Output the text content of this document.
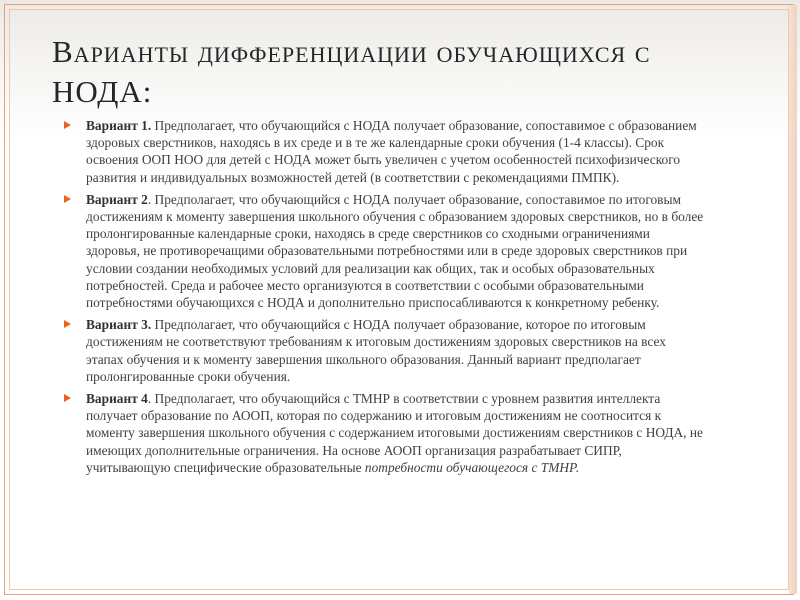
Варианты дифференциации обучающихся с НОДА:
Вариант 1. Предполагает, что обучающийся с НОДА получает образование, сопоставимое с образованием здоровых сверстников, находясь в их среде и в те же календарные сроки обучения (1-4 классы). Срок освоения ООП НОО для детей с НОДА может быть увеличен с учетом особенностей психофизического развития и индивидуальных возможностей детей (в соответствии с рекомендациями ПМПК).
Вариант 2. Предполагает, что обучающийся с НОДА получает образование, сопоставимое по итоговым достижениям к моменту завершения школьного обучения с образованием здоровых сверстников, но в более пролонгированные календарные сроки, находясь в среде сверстников со сходными ограничениями здоровья, не противоречащими образовательными потребностями или в среде здоровых сверстников при условии создании необходимых условий для реализации как общих, так и особых образовательных потребностей. Среда и рабочее место организуются в соответствии с особыми образовательными потребностями обучающихся с НОДА и дополнительно приспосабливаются к конкретному ребенку.
Вариант 3. Предполагает, что обучающийся с НОДА получает образование, которое по итоговым достижениям не соответствуют требованиям к итоговым достижениям здоровых сверстников на всех этапах обучения и к моменту завершения школьного образования. Данный вариант предполагает пролонгированные сроки обучения.
Вариант 4. Предполагает, что обучающийся с ТМНР в соответствии с уровнем развития интеллекта получает образование по АООП, которая по содержанию и итоговым достижениям не соотносится к моменту завершения школьного обучения с содержанием итоговыми достижениям сверстников с НОДА, не имеющих дополнительные ограничения. На основе АООП организация разрабатывает СИПР, учитывающую специфические образовательные потребности обучающегося с ТМНР.
